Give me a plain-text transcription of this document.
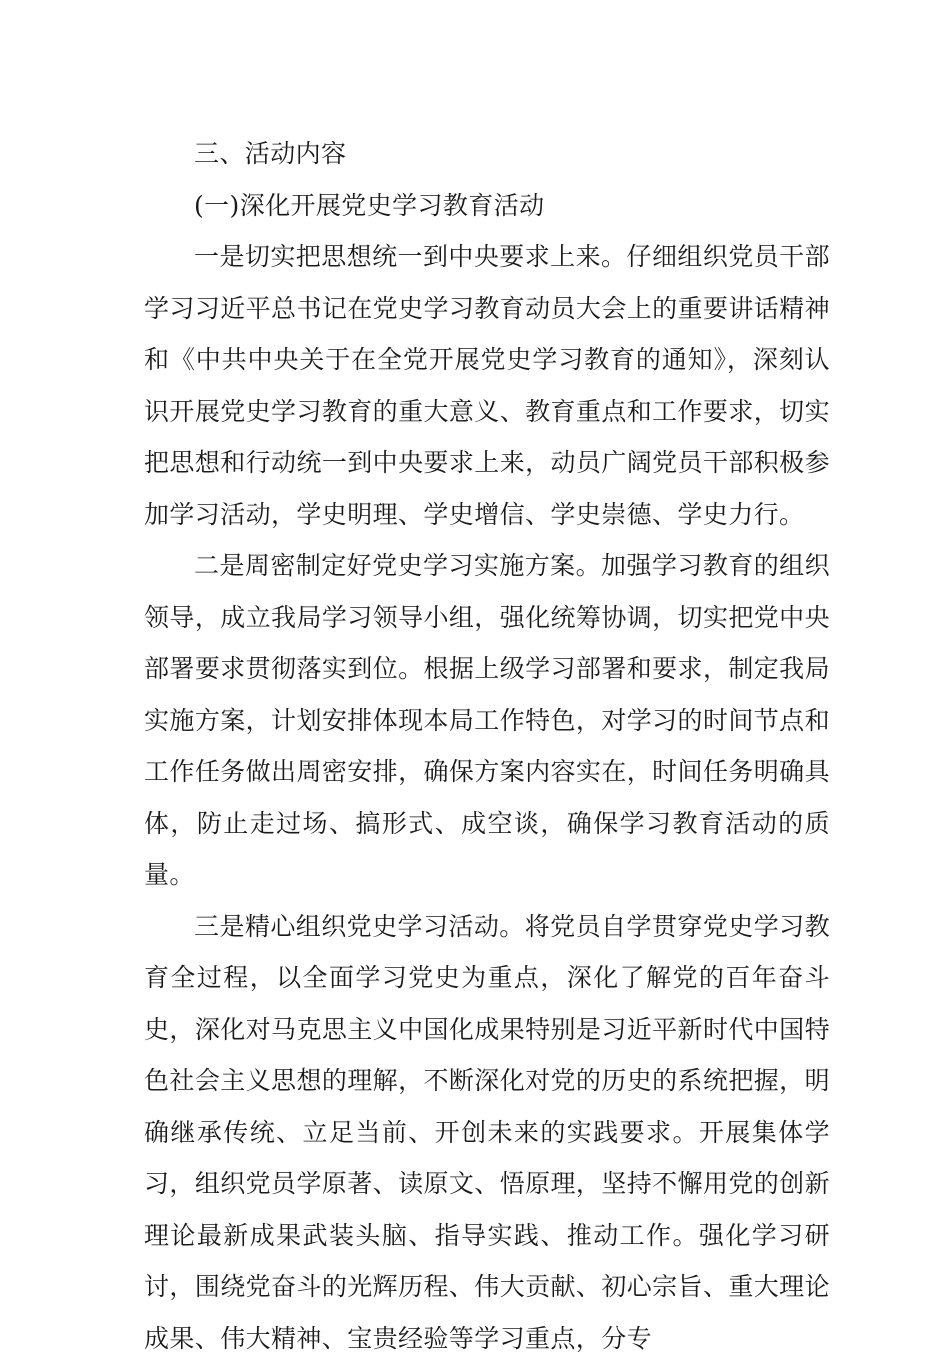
三、活动内容

(一)深化开展党史学习教育活动

一是切实把思想统一到中央要求上来。仔细组织党员干部学习习近平总书记在党史学习教育动员大会上的重要讲话精神和《中共中央关于在全党开展党史学习教育的通知》，深刻认识开展党史学习教育的重大意义、教育重点和工作要求，切实把思想和行动统一到中央要求上来，动员广阔党员干部积极参加学习活动，学史明理、学史增信、学史崇德、学史力行。

二是周密制定好党史学习实施方案。加强学习教育的组织领导，成立我局学习领导小组，强化统筹协调，切实把党中央部署要求贯彻落实到位。根据上级学习部署和要求，制定我局实施方案，计划安排体现本局工作特色，对学习的时间节点和工作任务做出周密安排，确保方案内容实在，时间任务明确具体，防止走过场、搞形式、成空谈，确保学习教育活动的质量。

三是精心组织党史学习活动。将党员自学贯穿党史学习教育全过程，以全面学习党史为重点，深化了解党的百年奋斗史，深化对马克思主义中国化成果特别是习近平新时代中国特色社会主义思想的理解，不断深化对党的历史的系统把握，明确继承传统、立足当前、开创未来的实践要求。开展集体学习，组织党员学原著、读原文、悟原理，坚持不懈用党的创新理论最新成果武装头脑、指导实践、推动工作。强化学习研讨，围绕党奋斗的光辉历程、伟大贡献、初心宗旨、重大理论成果、伟大精神、宝贵经验等学习重点，分专
